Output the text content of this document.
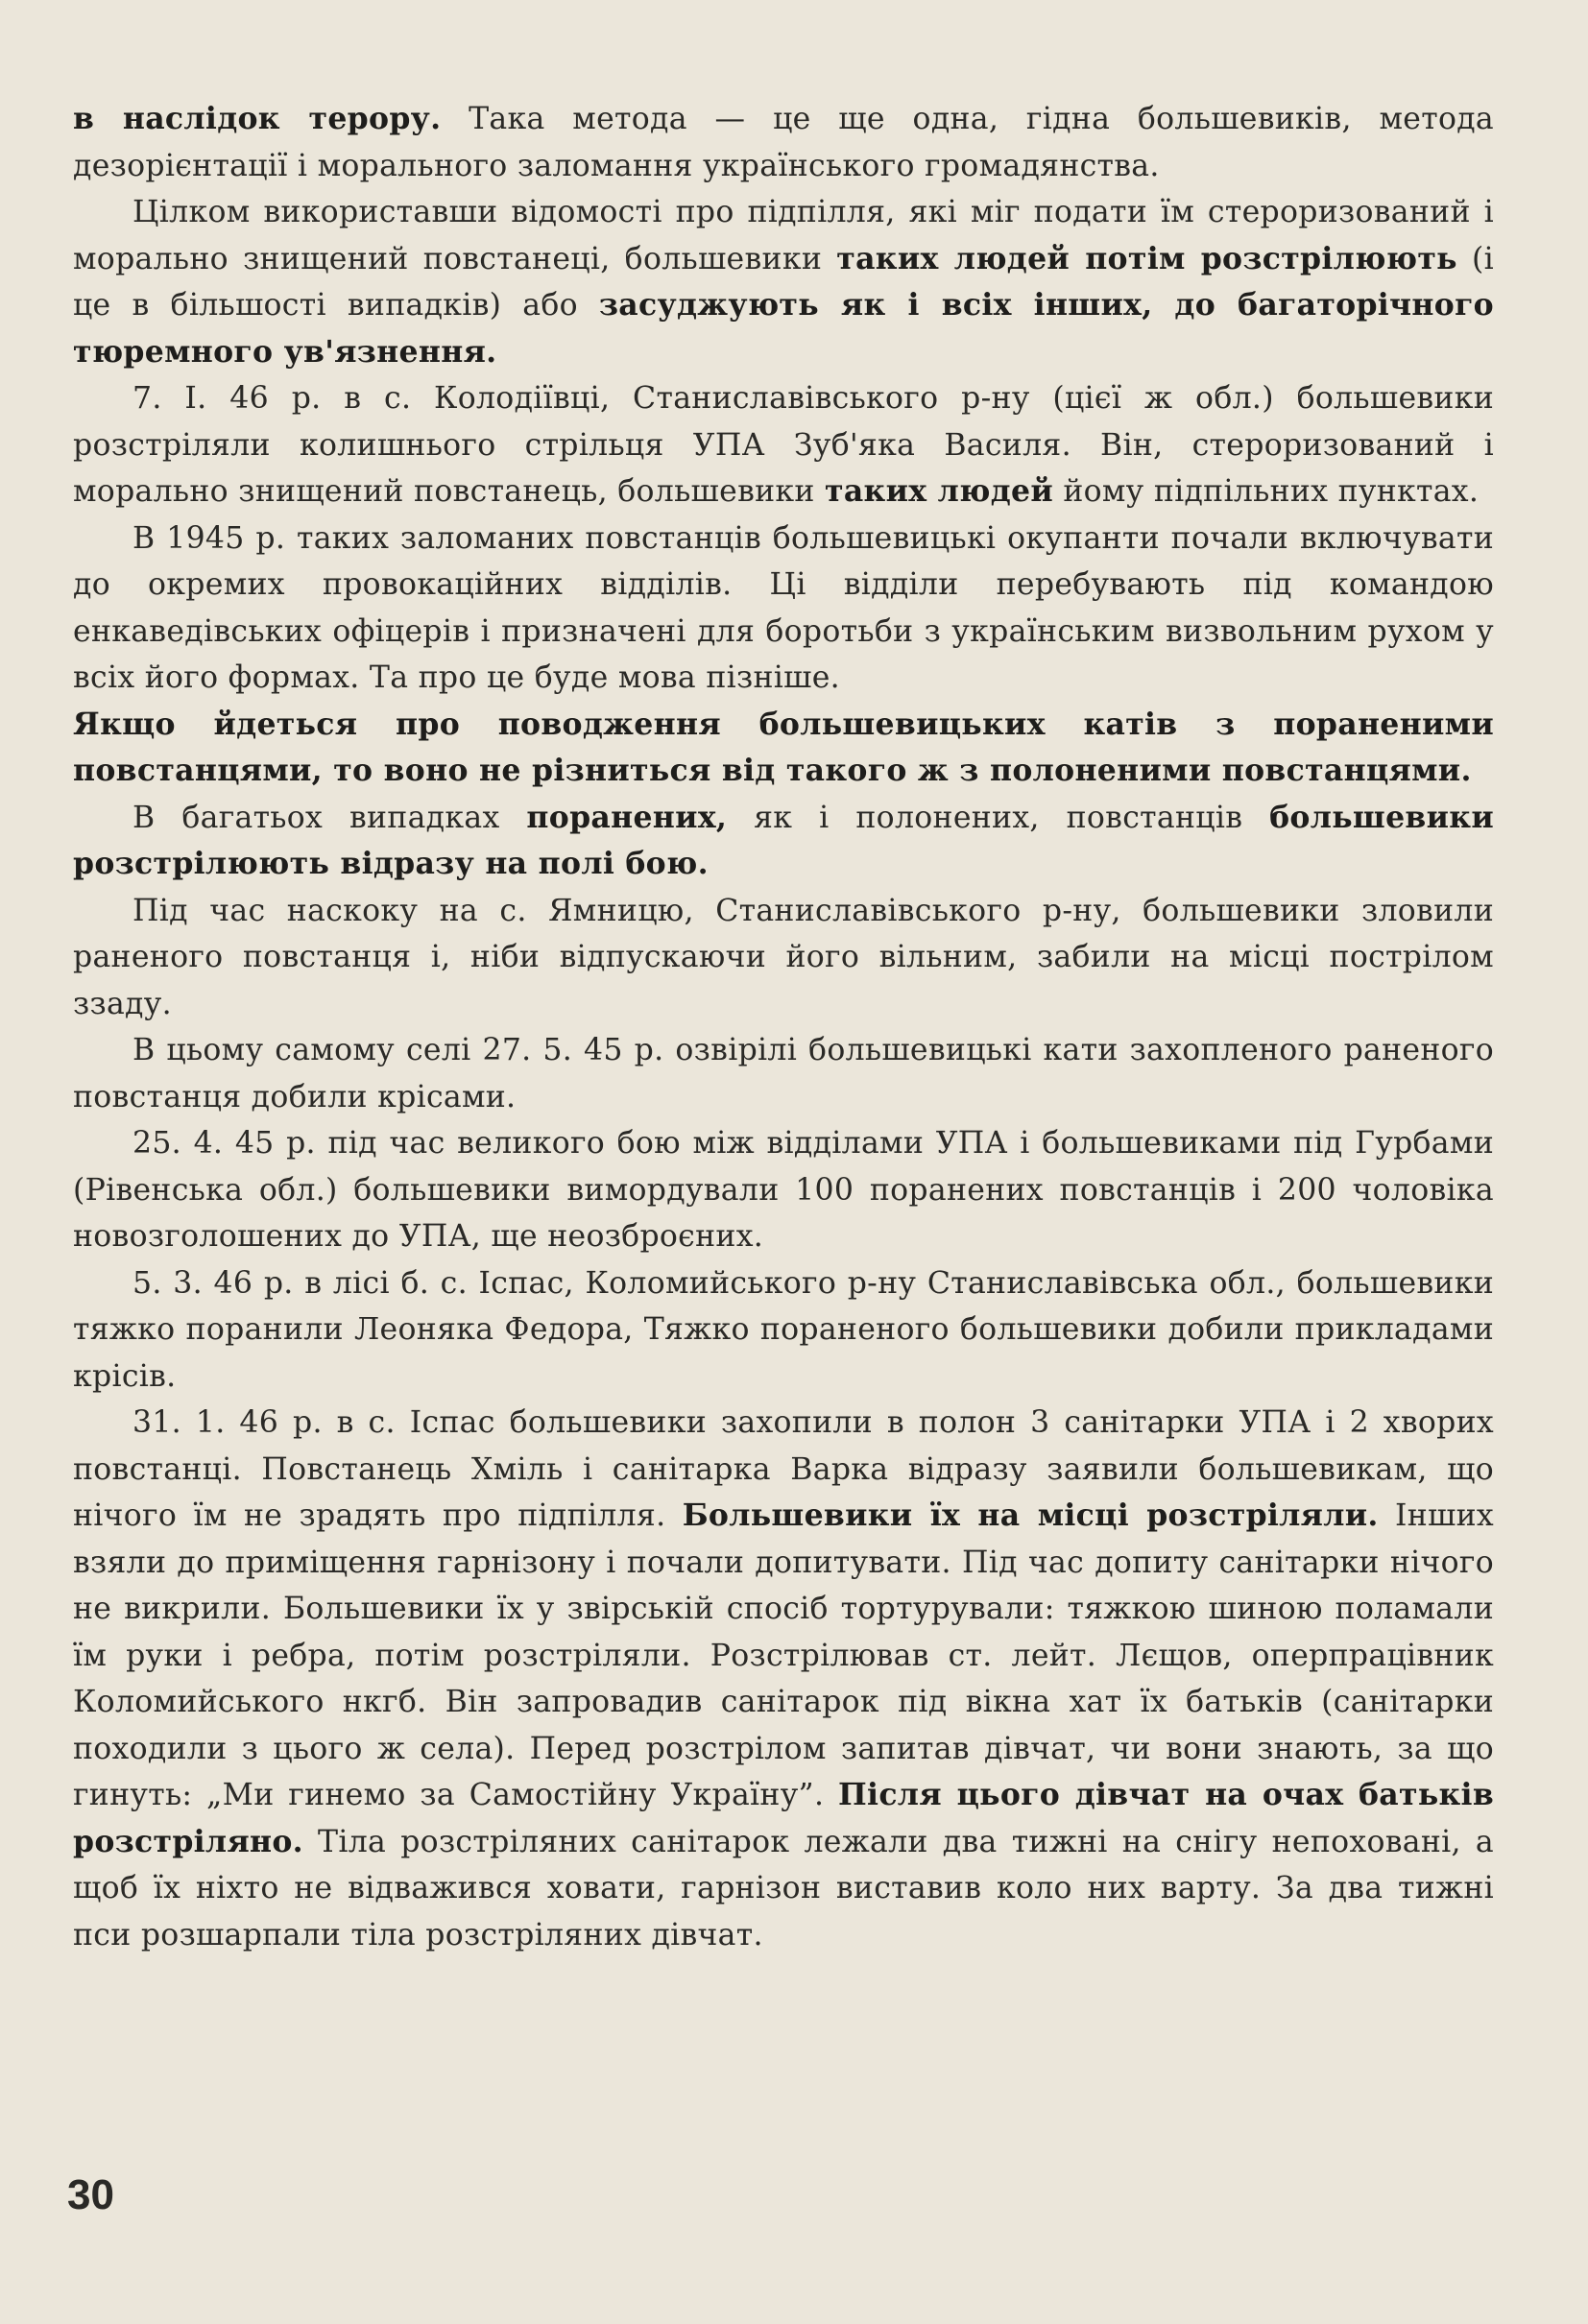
в наслідок терору. Така метода — це ще одна, гідна большевиків, метода дезорієнтації і морального заломання українського громадянства.

Цілком використавши відомості про підпілля, які міг подати їм стероризований і морально знищений повстанеці, большевики таких людей потім розстрілюють (і це в більшості випадків) або засуджують як і всіх інших, до багаторічного тюремного ув'язнення.

7. І. 46 р. в с. Колодіївці, Станиславівського р-ну (цієї ж обл.) большевики розстріляли колишнього стрільця УПА Зуб'яка Василя. Він, стероризований і морально знищений повстанець, большевики таких людей йому підпільних пунктах.

В 1945 р. таких заломаних повстанців большевицькі окупанти почали включувати до окремих провокаційних відділів. Ці відділи перебувають під командою енкаведівських офіцерів і призначені для боротьби з українським визвольним рухом у всіх його формах. Та про це буде мова пізніше.

Якщо йдеться про поводження большевицьких катів з пораненими повстанцями, то воно не різниться від такого ж з полоненими повстанцями.

В багатьох випадках поранених, як і полонених, повстанців большевики розстрілюють відразу на полі бою.

Під час наскоку на с. Ямницю, Станиславівського р-ну, большевики зловили раненого повстанця і, ніби відпускаючи його вільним, забили на місці пострілом ззаду.

В цьому самому селі 27. 5. 45 р. озвірілі большевицькі кати захопленого раненого повстанця добили крісами.

25. 4. 45 р. під час великого бою між відділами УПА і большевиками під Гурбами (Рівенська обл.) большевики вимордували 100 поранених повстанців і 200 чоловіка новозголошених до УПА, ще неозброєних.

5. 3. 46 р. в лісі б. с. Іспас, Коломийського р-ну Станиславівська обл., большевики тяжко поранили Леоняка Федора, Тяжко пораненого большевики добили прикладами крісів.

31. 1. 46 р. в с. Іспас большевики захопили в полон 3 санітарки УПА і 2 хворих повстанці. Повстанець Хміль і санітарка Варка відразу заявили большевикам, що нічого їм не зрадять про підпілля. Большевики їх на місці розстріляли. Інших взяли до приміщення гарнізону і почали допитувати. Під час допиту санітарки нічого не викрили. Большевики їх у звірській спосіб тортурували: тяжкою шиною поламали їм руки і ребра, потім розстріляли. Розстрілював ст. лейт. Лєщов, оперпрацівник Коломийського нкгб. Він запровадив санітарок під вікна хат їх батьків (санітарки походили з цього ж села). Перед розстрілом запитав дівчат, чи вони знають, за що гинуть: „Ми гинемо за Самостійну Україну”. Після цього дівчат на очах батьків розстріляно. Тіла розстріляних санітарок лежали два тижні на снігу непоховані, а щоб їх ніхто не відважився ховати, гарнізон виставив коло них варту. За два тижні пси розшарпали тіла розстріляних дівчат.

30
